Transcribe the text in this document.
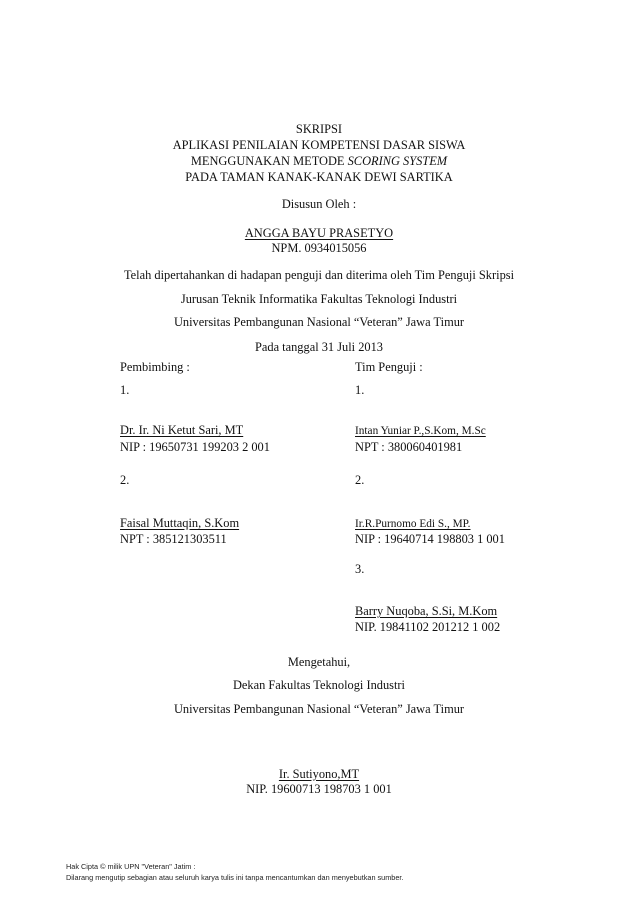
SKRIPSI
APLIKASI PENILAIAN KOMPETENSI DASAR SISWA
MENGGUNAKAN METODE SCORING SYSTEM
PADA TAMAN KANAK-KANAK DEWI SARTIKA
Disusun Oleh :
ANGGA BAYU PRASETYO
NPM. 0934015056
Telah dipertahankan di hadapan penguji dan diterima oleh Tim Penguji Skripsi
Jurusan Teknik Informatika Fakultas Teknologi Industri
Universitas Pembangunan Nasional “Veteran” Jawa Timur
Pada tanggal 31 Juli 2013
Pembimbing :
1.
Dr. Ir. Ni Ketut Sari, MT
NIP : 19650731 199203 2 001
2.
Faisal Muttaqin, S.Kom
NPT : 385121303511
Tim Penguji :
1.
Intan Yuniar P.,S.Kom, M.Sc
NPT : 380060401981
2.
Ir.R.Purnomo Edi S., MP.
NIP : 19640714 198803 1 001
3.
Barry Nuqoba, S.Si, M.Kom
NIP. 19841102 201212 1 002
Mengetahui,
Dekan Fakultas Teknologi Industri
Universitas Pembangunan Nasional “Veteran” Jawa Timur
Ir. Sutiyono,MT
NIP. 19600713 198703 1 001
Hak Cipta © milik UPN "Veteran" Jatim :
Dilarang mengutip sebagian atau seluruh karya tulis ini tanpa mencantumkan dan menyebutkan sumber.
